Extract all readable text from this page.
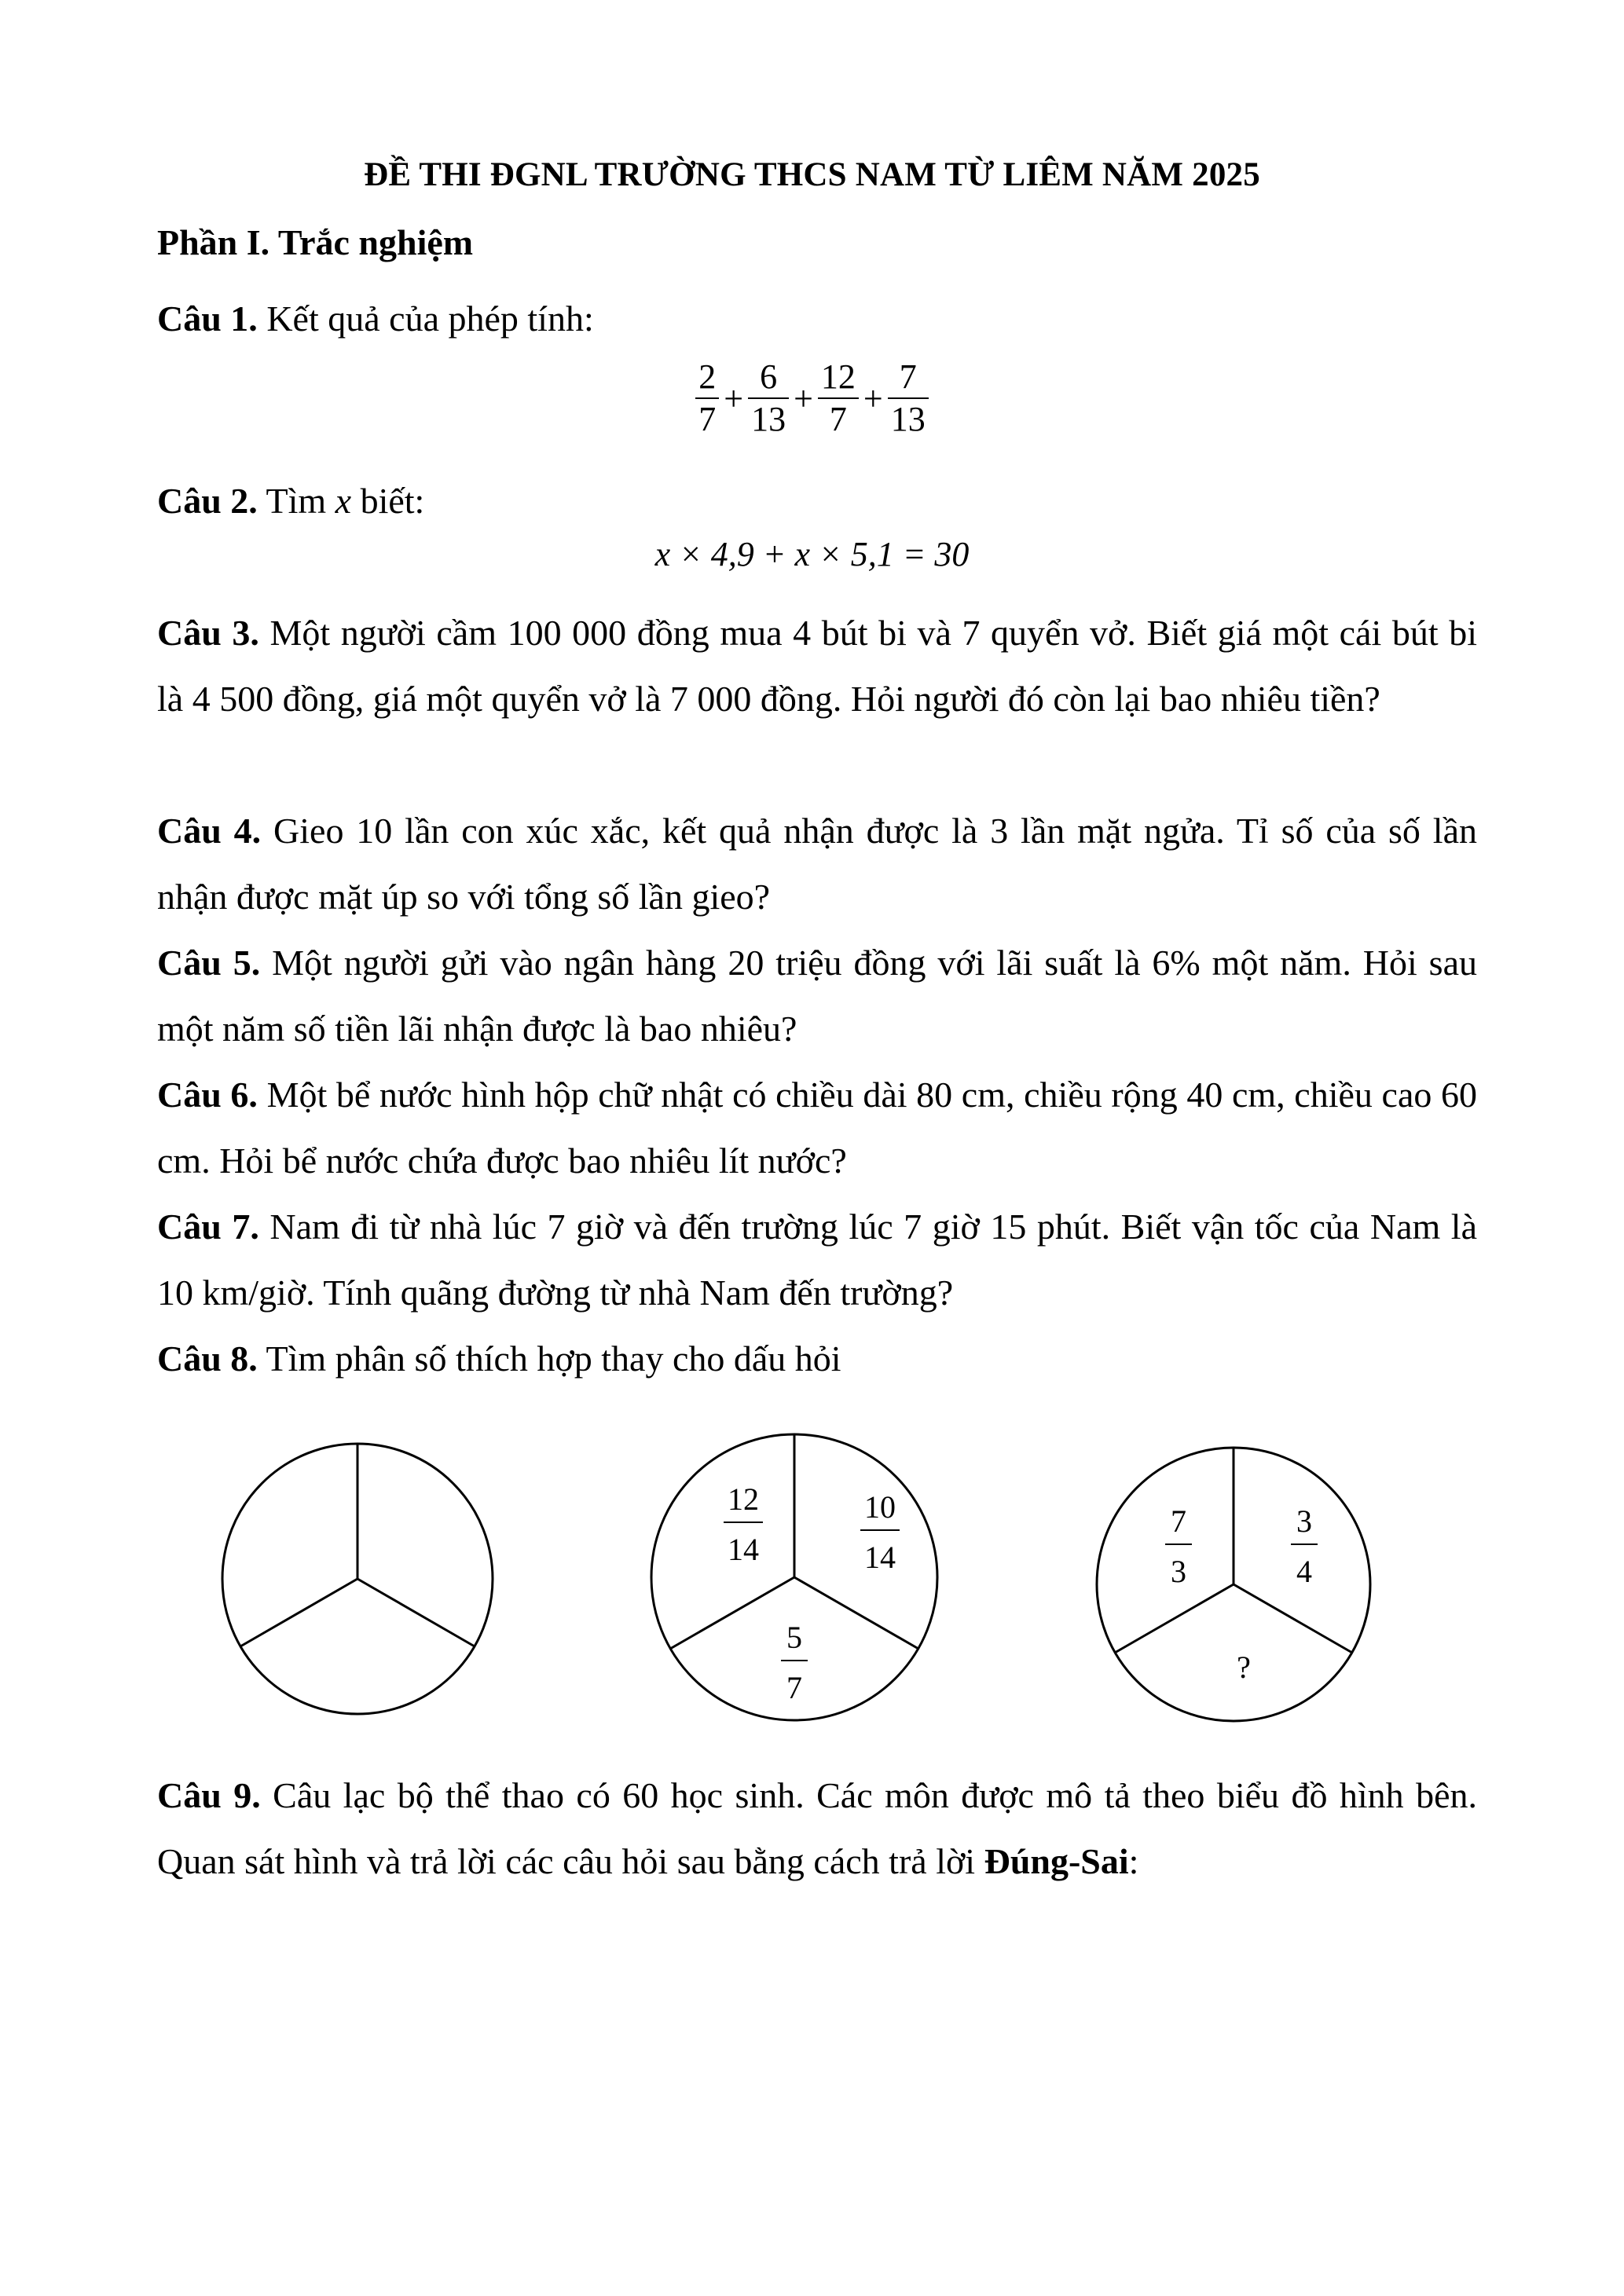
ĐỀ THI ĐGNL TRƯỜNG THCS NAM TỪ LIÊM NĂM 2025
Phần I. Trắc nghiệm
Câu 1. Kết quả của phép tính:
$\frac{2}{7} + \frac{6}{13} + \frac{12}{7} + \frac{7}{13}$
Câu 2. Tìm x biết:
x × 4,9 + x × 5,1 = 30
Câu 3. Một người cầm 100 000 đồng mua 4 bút bi và 7 quyển vở. Biết giá một cái bút bi là 4 500 đồng, giá một quyển vở là 7 000 đồng. Hỏi người đó còn lại bao nhiêu tiền?
Câu 4. Gieo 10 lần con xúc xắc, kết quả nhận được là 3 lần mặt ngửa. Tỉ số của số lần nhận được mặt úp so với tổng số lần gieo?
Câu 5. Một người gửi vào ngân hàng 20 triệu đồng với lãi suất là 6% một năm. Hỏi sau một năm số tiền lãi nhận được là bao nhiêu?
Câu 6. Một bể nước hình hộp chữ nhật có chiều dài 80 cm, chiều rộng 40 cm, chiều cao 60 cm. Hỏi bể nước chứa được bao nhiêu lít nước?
Câu 7. Nam đi từ nhà lúc 7 giờ và đến trường lúc 7 giờ 15 phút. Biết vận tốc của Nam là 10 km/giờ. Tính quãng đường từ nhà Nam đến trường?
Câu 8. Tìm phân số thích hợp thay cho dấu hỏi
12
14
10
14
5
7
7
3
3
4
?
Câu 9. Câu lạc bộ thể thao có 60 học sinh. Các môn được mô tả theo biểu đồ hình bên. Quan sát hình và trả lời các câu hỏi sau bằng cách trả lời Đúng-Sai:
